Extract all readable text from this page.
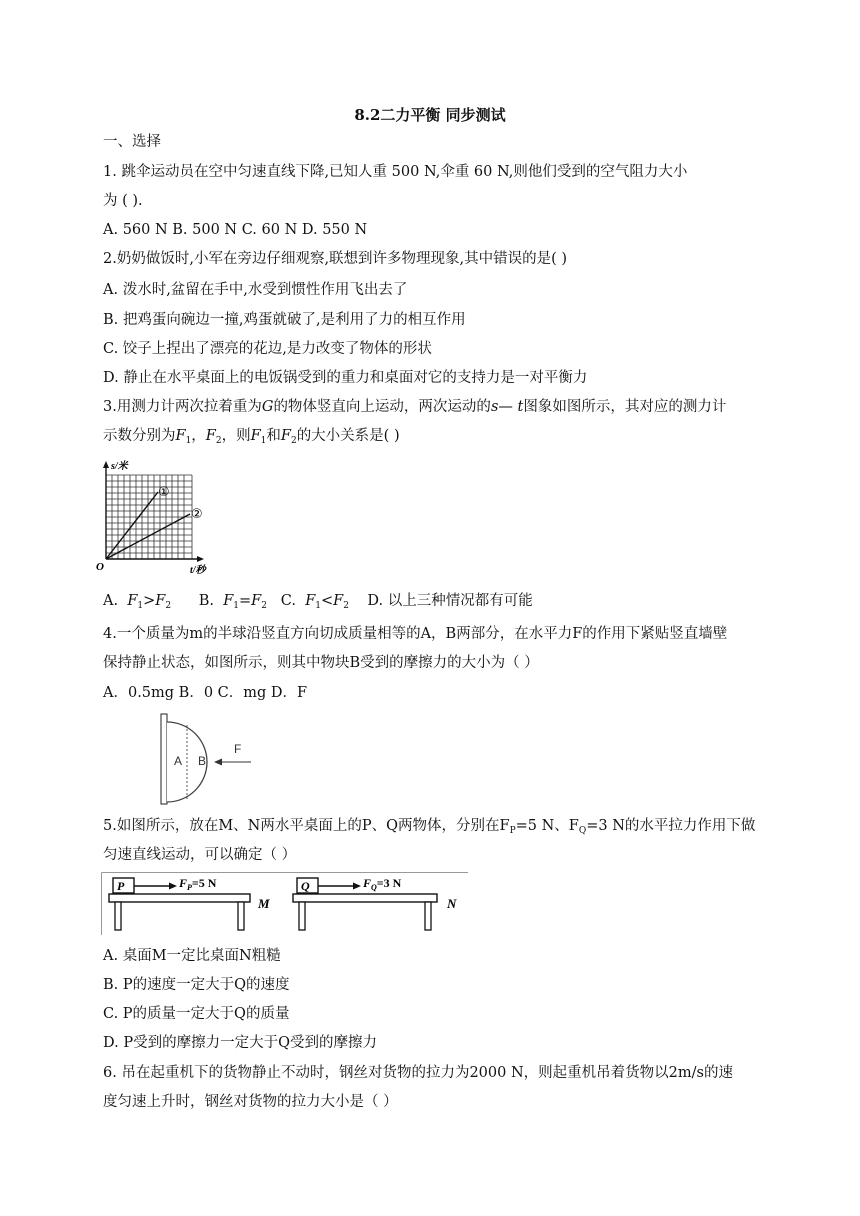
8.2二力平衡 同步测试
一、选择
1. 跳伞运动员在空中匀速直线下降,已知人重 500 N,伞重 60 N,则他们受到的空气阻力大小
为 ( ).
A. 560 N B. 500 N C. 60 N D. 550 N
2.奶奶做饭时,小军在旁边仔细观察,联想到许多物理现象,其中错误的是( )
A. 泼水时,盆留在手中,水受到惯性作用飞出去了
B. 把鸡蛋向碗边一撞,鸡蛋就破了,是利用了力的相互作用
C. 饺子上捏出了漂亮的花边,是力改变了物体的形状
D. 静止在水平桌面上的电饭锅受到的重力和桌面对它的支持力是一对平衡力
3.用测力计两次拉着重为G的物体竖直向上运动，两次运动的s— t图象如图所示，其对应的测力计
示数分别为$F_1$，$F_2$，则$F_1$和$F_2$的大小关系是( )
s/米
t/秒
O
①
②
A. $F_1>F_2$ B. $F_1=F_2$ C. $F_1<F_2$ D. 以上三种情况都有可能
4.一个质量为m的半球沿竖直方向切成质量相等的A，B两部分，在水平力F的作用下紧贴竖直墙壁
保持静止状态，如图所示，则其中物块B受到的摩擦力的大小为（ ）
A．0.5mg B．0 C．mg D．F
A B
F
5.如图所示，放在M、N两水平桌面上的P、Q两物体，分别在$F_P=5$ N、$F_Q=3$ N的水平拉力作用下做
匀速直线运动，可以确定（ ）
P	$F_P=5$ N
M
Q	$F_Q=3$ N
N
A. 桌面M一定比桌面N粗糙
B. P的速度一定大于Q的速度
C. P的质量一定大于Q的质量
D. P受到的摩擦力一定大于Q受到的摩擦力
6. 吊在起重机下的货物静止不动时，钢丝对货物的拉力为2000 N，则起重机吊着货物以2m/s的速
度匀速上升时，钢丝对货物的拉力大小是（ ）
